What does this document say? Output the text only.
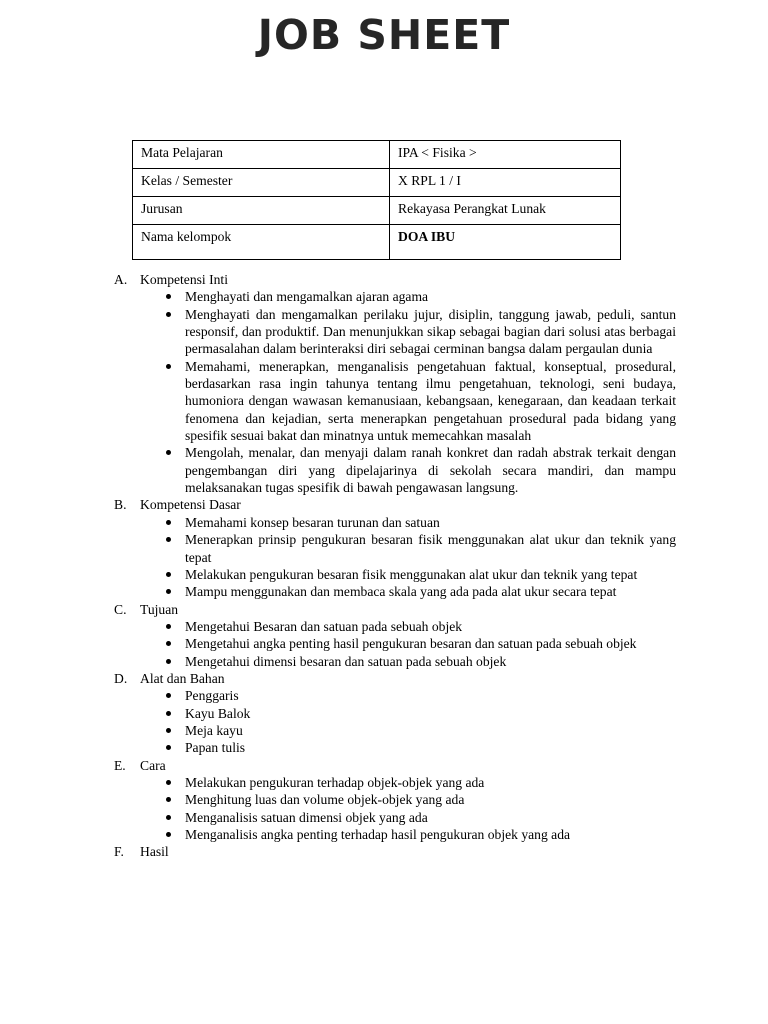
JOB SHEET
Mata Pelajaran	IPA < Fisika >
Kelas / Semester	X RPL 1 / I
Jurusan	Rekayasa Perangkat Lunak
Nama kelompok	DOA IBU
A. Kompetensi Inti
Menghayati dan mengamalkan ajaran agama
Menghayati dan mengamalkan perilaku jujur, disiplin, tanggung jawab, peduli, santun responsif, dan produktif. Dan menunjukkan sikap sebagai bagian dari solusi atas berbagai permasalahan dalam berinteraksi diri sebagai cerminan bangsa dalam pergaulan dunia
Memahami, menerapkan, menganalisis pengetahuan faktual, konseptual, prosedural, berdasarkan rasa ingin tahunya tentang ilmu pengetahuan, teknologi, seni budaya, humoniora dengan wawasan kemanusiaan, kebangsaan, kenegaraan, dan keadaan terkait fenomena dan kejadian, serta menerapkan pengetahuan prosedural pada bidang yang spesifik sesuai bakat dan minatnya untuk memecahkan masalah
Mengolah, menalar, dan menyaji dalam ranah konkret dan radah abstrak terkait dengan pengembangan diri yang dipelajarinya di sekolah secara mandiri, dan mampu melaksanakan tugas spesifik di bawah pengawasan langsung.
B. Kompetensi Dasar
Memahami konsep besaran turunan dan satuan
Menerapkan prinsip pengukuran besaran fisik menggunakan alat ukur dan teknik yang tepat
Melakukan pengukuran besaran fisik menggunakan alat ukur dan teknik yang tepat
Mampu menggunakan dan membaca skala yang ada pada alat ukur secara tepat
C. Tujuan
Mengetahui Besaran dan satuan pada sebuah objek
Mengetahui angka penting hasil pengukuran besaran dan satuan pada sebuah objek
Mengetahui dimensi besaran dan satuan pada sebuah objek
D. Alat dan Bahan
Penggaris
Kayu Balok
Meja kayu
Papan tulis
E.	Cara
Melakukan pengukuran terhadap objek-objek yang ada
Menghitung luas dan volume objek-objek yang ada
Menganalisis satuan dimensi objek yang ada
Menganalisis angka penting terhadap hasil pengukuran objek yang ada
F.	Hasil
